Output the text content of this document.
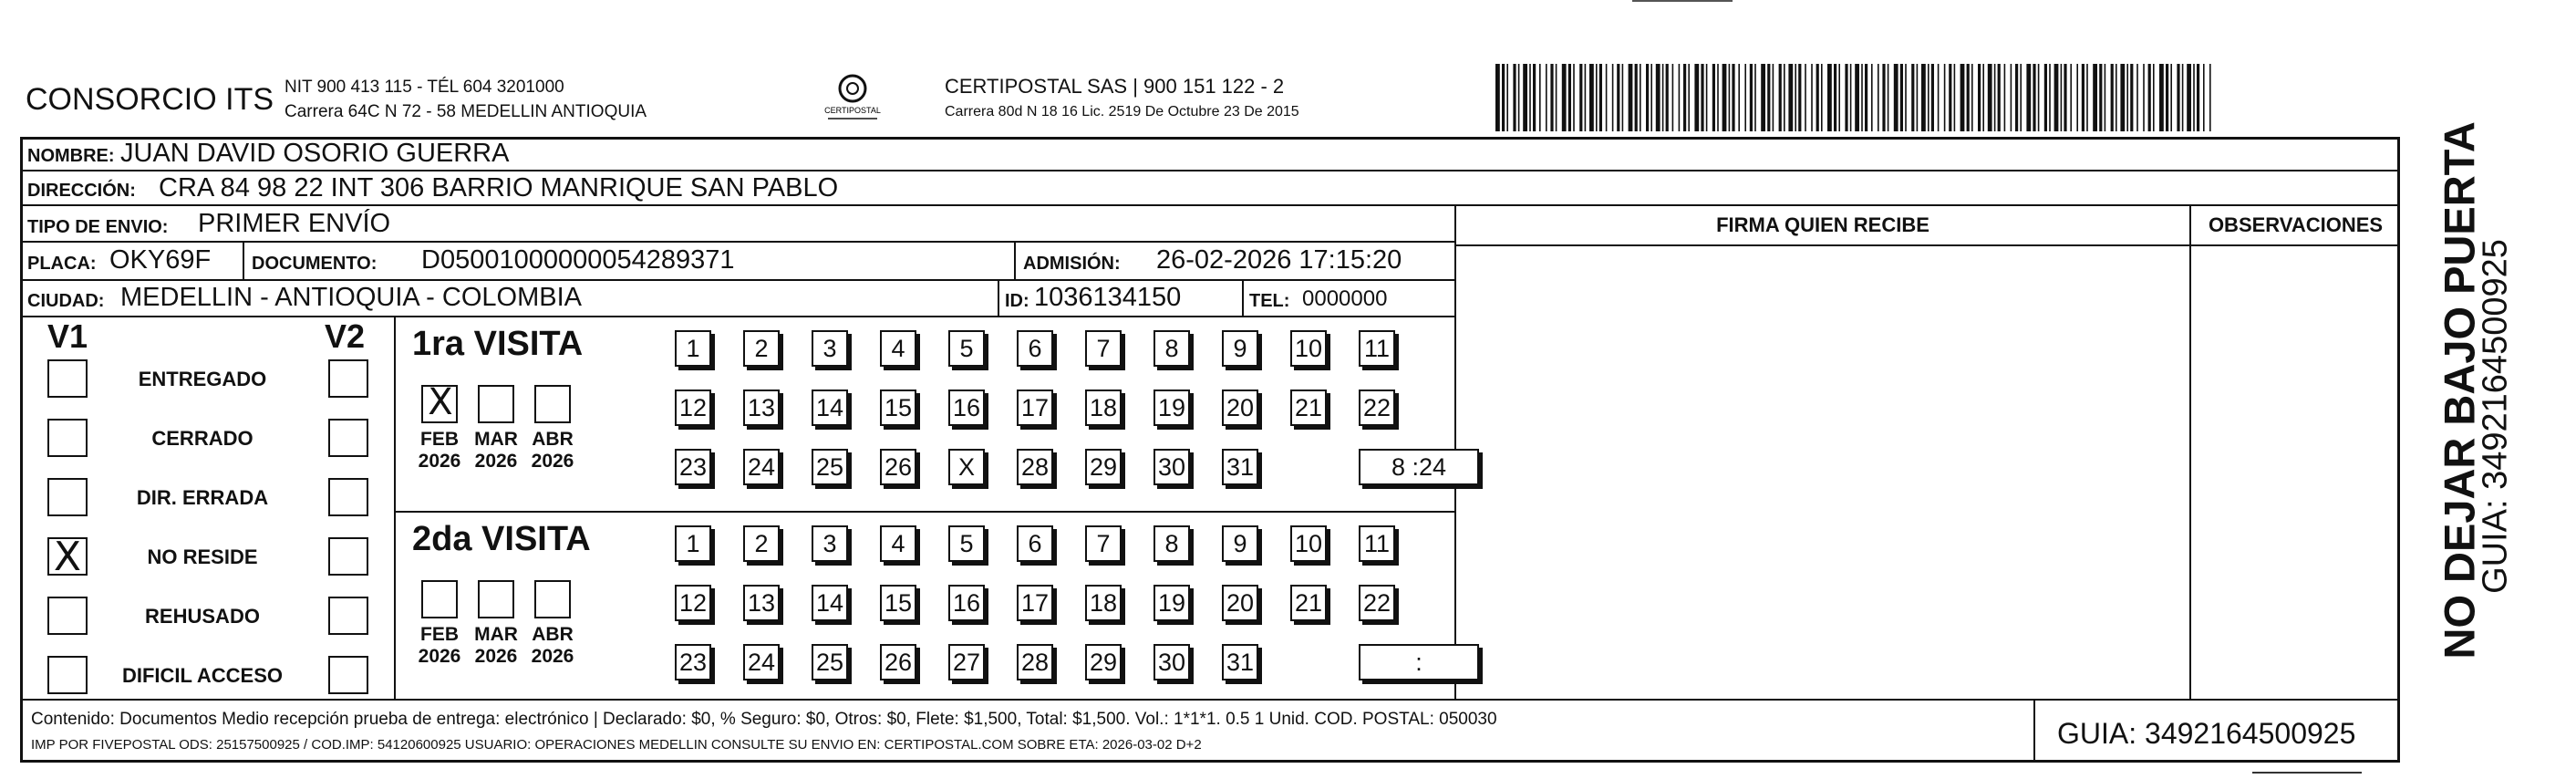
CONSORCIO ITS NIT 900 413 115 - TÉL 604 3201000
Carrera 64C N 72 - 58 MEDELLIN ANTIOQUIA	CERTIPOSTAL
CERTIPOSTAL SAS | 900 151 122 - 2
Carrera 80d N 18 16 Lic. 2519 De Octubre 23 De 2015
NOMBRE: JUAN DAVID OSORIO GUERRA
DIRECCIÓN: CRA 84 98 22 INT 306 BARRIO MANRIQUE SAN PABLO
TIPO DE ENVIO: PRIMER ENVÍO	FIRMA QUIEN RECIBE	OBSERVACIONES
PLACA: OKY69F DOCUMENTO: D05001000000054289371	ADMISIÓN: 26-02-2026 17:15:20
CIUDAD: MEDELLIN - ANTIOQUIA - COLOMBIA	ID: 1036134150	TEL: 0000000
V1	V2
ENTREGADO
CERRADO
DIR. ERRADA
X	NO RESIDE
REHUSADO
DIFICIL ACCESO
1ra VISITA
2da VISITA
X
FEB
2026
MAR
2026
ABR
2026
1	2	3	4	5	6	7	8	9	10 11
12 13 14 15 16 17 18 19 20 21 22
23 24 25 26	X	28 29 30 31	8 :24
FEB
2026
MAR
2026
ABR
2026
1	2	3	4	5	6	7	8	9	10 11
12 13 14 15 16 17 18 19 20 21 22
23 24 25 26 27 28 29 30 31	:
Contenido: Documentos Medio recepción prueba de entrega: electrónico | Declarado: $0, % Seguro: $0, Otros: $0, Flete: $1,500, Total: $1,500. Vol.: 1*1*1. 0.5 1 Unid. COD. POSTAL: 050030
IMP POR FIVEPOSTAL ODS: 25157500925 / COD.IMP: 54120600925 USUARIO: OPERACIONES MEDELLIN CONSULTE SU ENVIO EN: CERTIPOSTAL.COM SOBRE ETA: 2026-03-02 D+2	GUIA: 3492164500925
NO DEJAR BAJO PUERTA
GUIA: 3492164500925
